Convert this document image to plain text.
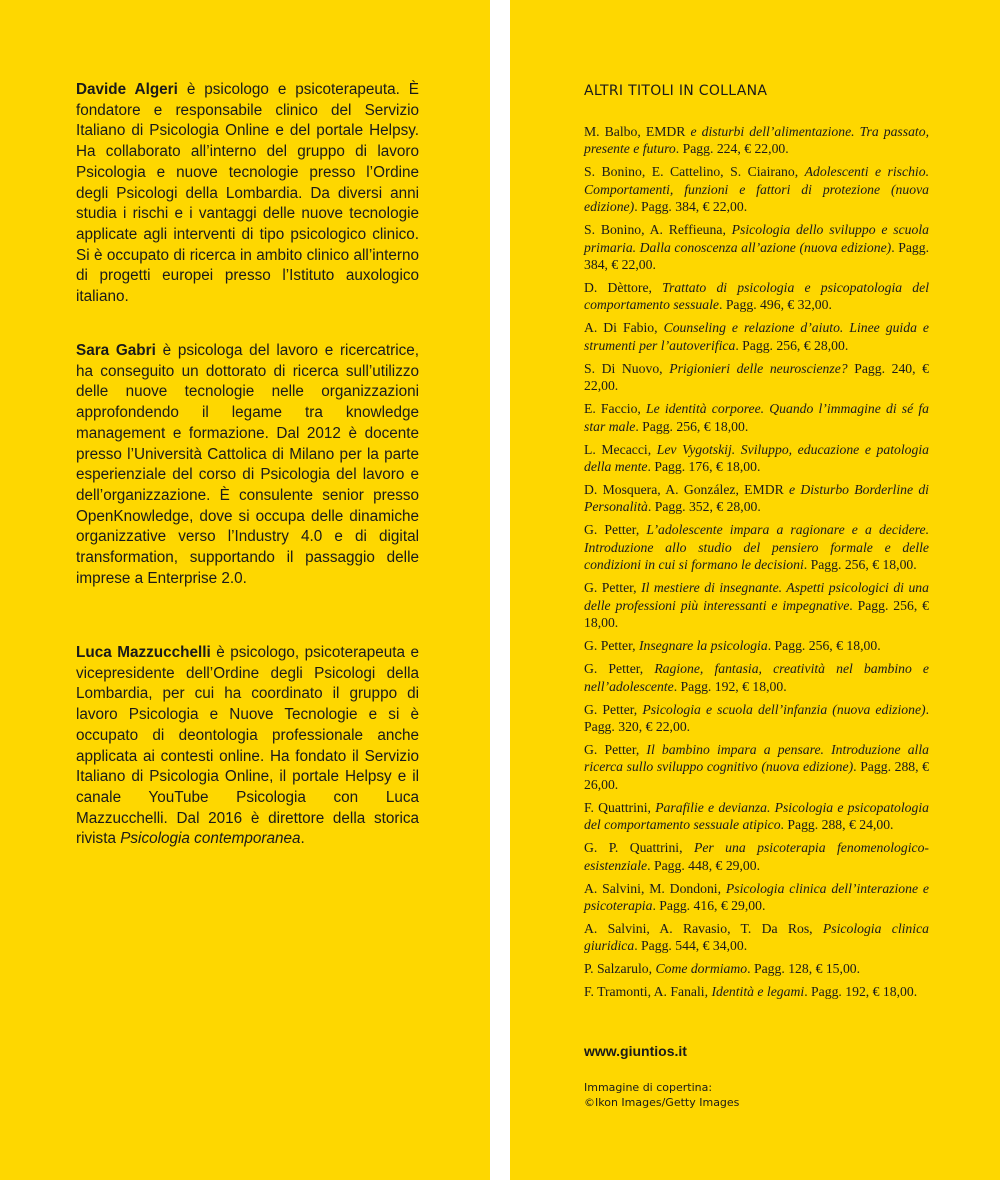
Davide Algeri è psicologo e psicoterapeuta. È fondatore e responsabile clinico del Servizio Italiano di Psicologia Online e del portale Helpsy. Ha collaborato all’interno del gruppo di lavoro Psicologia e nuove tecnologie presso l’Ordine degli Psicologi della Lombardia. Da diversi anni studia i rischi e i vantaggi delle nuove tecnologie applicate agli interventi di tipo psicologico clinico. Si è occupato di ricerca in ambito clinico all’interno di progetti europei presso l’Istituto auxologico italiano.

Sara Gabri è psicologa del lavoro e ricercatrice, ha conseguito un dottorato di ricerca sull’utilizzo delle nuove tecnologie nelle organizzazioni approfondendo il legame tra knowledge management e formazione. Dal 2012 è docente presso l’Università Cattolica di Milano per la parte esperienziale del corso di Psicologia del lavoro e dell’organizzazione. È consulente senior presso OpenKnowledge, dove si occupa delle dinamiche organizzative verso l’Industry 4.0 e di digital transformation, supportando il passaggio delle imprese a Enterprise 2.0.

Luca Mazzucchelli è psicologo, psicoterapeuta e vicepresidente dell’Ordine degli Psicologi della Lombardia, per cui ha coordinato il gruppo di lavoro Psicologia e Nuove Tecnologie e si è occupato di deontologia professionale anche applicata ai contesti online. Ha fondato il Servizio Italiano di Psicologia Online, il portale Helpsy e il canale YouTube Psicologia con Luca Mazzucchelli. Dal 2016 è direttore della storica rivista Psicologia contemporanea.

ALTRI TITOLI IN COLLANA
M. Balbo, EMDR e disturbi dell’alimentazione. Tra passato, presente e futuro. Pagg. 224, € 22,00.
S. Bonino, E. Cattelino, S. Ciairano, Adolescenti e rischio. Comportamenti, funzioni e fattori di protezione (nuova edizione). Pagg. 384, € 22,00.
S. Bonino, A. Reffieuna, Psicologia dello sviluppo e scuola primaria. Dalla conoscenza all’azione (nuova edizione). Pagg. 384, € 22,00.
D. Dèttore, Trattato di psicologia e psicopatologia del comportamento sessuale. Pagg. 496, € 32,00.
A. Di Fabio, Counseling e relazione d’aiuto. Linee guida e strumenti per l’autoverifica. Pagg. 256, € 28,00.
S. Di Nuovo, Prigionieri delle neuroscienze? Pagg. 240, € 22,00.
E. Faccio, Le identità corporee. Quando l’immagine di sé fa star male. Pagg. 256, € 18,00.
L. Mecacci, Lev Vygotskij. Sviluppo, educazione e patologia della mente. Pagg. 176, € 18,00.
D. Mosquera, A. González, EMDR e Disturbo Borderline di Personalità. Pagg. 352, € 28,00.
G. Petter, L’adolescente impara a ragionare e a decidere. Introduzione allo studio del pensiero formale e delle condizioni in cui si formano le decisioni. Pagg. 256, € 18,00.
G. Petter, Il mestiere di insegnante. Aspetti psicologici di una delle professioni più interessanti e impegnative. Pagg. 256, € 18,00.
G. Petter, Insegnare la psicologia. Pagg. 256, € 18,00.
G. Petter, Ragione, fantasia, creatività nel bambino e nell’adolescente. Pagg. 192, € 18,00.
G. Petter, Psicologia e scuola dell’infanzia (nuova edizione). Pagg. 320, € 22,00.
G. Petter, Il bambino impara a pensare. Introduzione alla ricerca sullo sviluppo cognitivo (nuova edizione). Pagg. 288, € 26,00.
F. Quattrini, Parafilie e devianza. Psicologia e psicopatologia del comportamento sessuale atipico. Pagg. 288, € 24,00.
G. P. Quattrini, Per una psicoterapia fenomenologico-esistenziale. Pagg. 448, € 29,00.
A. Salvini, M. Dondoni, Psicologia clinica dell’interazione e psicoterapia. Pagg. 416, € 29,00.
A. Salvini, A. Ravasio, T. Da Ros, Psicologia clinica giuridica. Pagg. 544, € 34,00.
P. Salzarulo, Come dormiamo. Pagg. 128, € 15,00.
F. Tramonti, A. Fanali, Identità e legami. Pagg. 192, € 18,00.

www.giuntios.it

Immagine di copertina:
©Ikon Images/Getty Images
